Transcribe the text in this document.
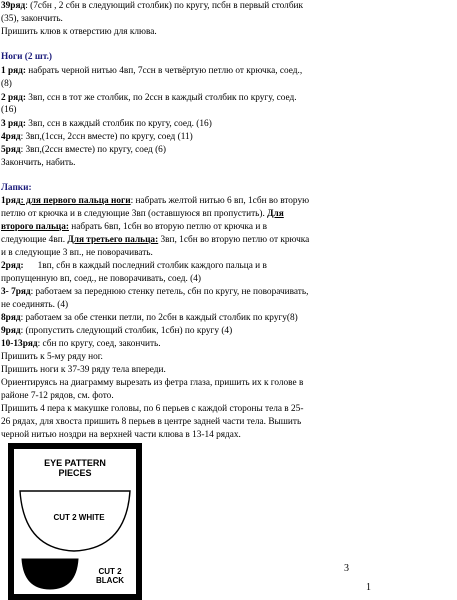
39ряд: (7сбн , 2 сбн в следующий столбик) по кругу, псбн в первый столбик
(35), закончить.
Пришить клюв к отверстию для клюва.
Ноги (2 шт.)
1 ряд: набрать черной нитью 4вп, 7ссн в четвёртую петлю от крючка, соед.,
(8)
2 ряд: 3вп, ссн в тот же столбик, по 2ссн в каждый столбик по кругу, соед.
(16)
3 ряд: 3вп, ссн в каждый столбик по кругу, соед. (16)
4ряд: 3вп,(1ссн, 2ссн вместе) по кругу, соед (11)
5ряд: 3вп,(2ссн вместе) по кругу, соед (6)
Закончить, набить.
Лапки:
1ряд: для первого пальца ноги: набрать желтой нитью 6 вп, 1сбн во вторую
петлю от крючка и в следующие 3вп (оставшуюся вп пропустить). Для
второго пальца: набрать 6вп, 1сбн во вторую петлю от крючка и в
следующие 4вп. Для третьего пальца: 3вп, 1сбн во вторую петлю от крючка
и в следующие 3 вп., не поворачивать.
2ряд:      1вп, сбн в каждый последний столбик каждого пальца и в
пропущенную вп, соед., не поворачивать, соед. (4)
3- 7ряд: работаем за переднюю стенку петель, сбн по кругу, не поворачивать,
не соединять. (4)
8ряд: работаем за обе стенки петли, по 2сбн в каждый столбик по кругу(8)
9ряд: (пропустить следующий столбик, 1сбн) по кругу (4)
10-13ряд: сбн по кругу, соед, закончить.
Пришить к 5-му ряду ног.
Пришить ноги к 37-39 ряду тела впереди.
Ориентируясь на диаграмму вырезать из фетра глаза, пришить их к голове в
районе 7-12 рядов, см. фото.
Пришить 4 пера к макушке головы, по 6 перьев с каждой стороны тела в 25-
26 рядах, для хвоста пришить 8 перьев в центре задней части тела. Вышить
черной нитью ноздри на верхней части клюва в 13-14 рядах.
EYE PATTERN
PIECES
CUT 2 WHITE
CUT 2
BLACK
3
1
